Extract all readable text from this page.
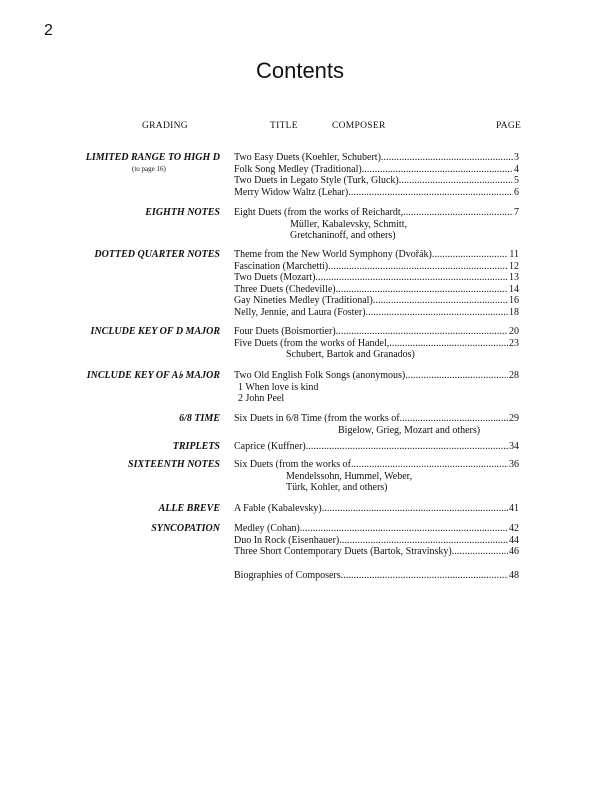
2
Contents
GRADING	TITLE	COMPOSER	PAGE
LIMITED RANGE TO HIGH D
(to page 16)
Two Easy Duets (Koehler, Schubert) . . .	3
Folk Song Medley (Traditional) . . .	4
Two Duets in Legato Style (Turk, Gluck) . . .	5
Merry Widow Waltz (Lehar) . . .	6
EIGHTH NOTES Eight Duets (from the works of Reichardt, . . .	7
Müller, Kabalevsky, Schmitt,
Gretchaninoff, and others)
DOTTED QUARTER NOTES Theme from the New World Symphony (Dvořák) . . .	11
Fascination (Marchetti) . . .	12
Two Duets (Mozart) . . .	13
Three Duets (Chedeville) . . .	14
Gay Nineties Medley (Traditional) . . .	16
Nelly, Jennie, and Laura (Foster) . . .	18
INCLUDE KEY OF D MAJOR Four Duets (Boismortier) . . .	20
Five Duets (from the works of Handel, . . .	23
Schubert, Bartok and Granados)
INCLUDE KEY OF A♭ MAJOR Two Old English Folk Songs (anonymous) . . .	28
1 When love is kind
2 John Peel
6/8 TIME Six Duets in 6/8 Time (from the works of. . . .	29
Bigelow, Grieg, Mozart and others)
TRIPLETS Caprice (Kuffner) . . .	34
SIXTEENTH NOTES Six Duets (from the works of . . .	36
Mendelssohn, Hummel, Weber,
Türk, Kohler, and others)
ALLE BREVE A Fable (Kabalevsky) . . .	41
SYNCOPATION Medley (Cohan) . . .	42
Duo In Rock (Eisenhauer) . . .	44
Three Short Contemporary Duets (Bartok, Stravinsky) . . .	46
Biographies of Composers . . .	48
